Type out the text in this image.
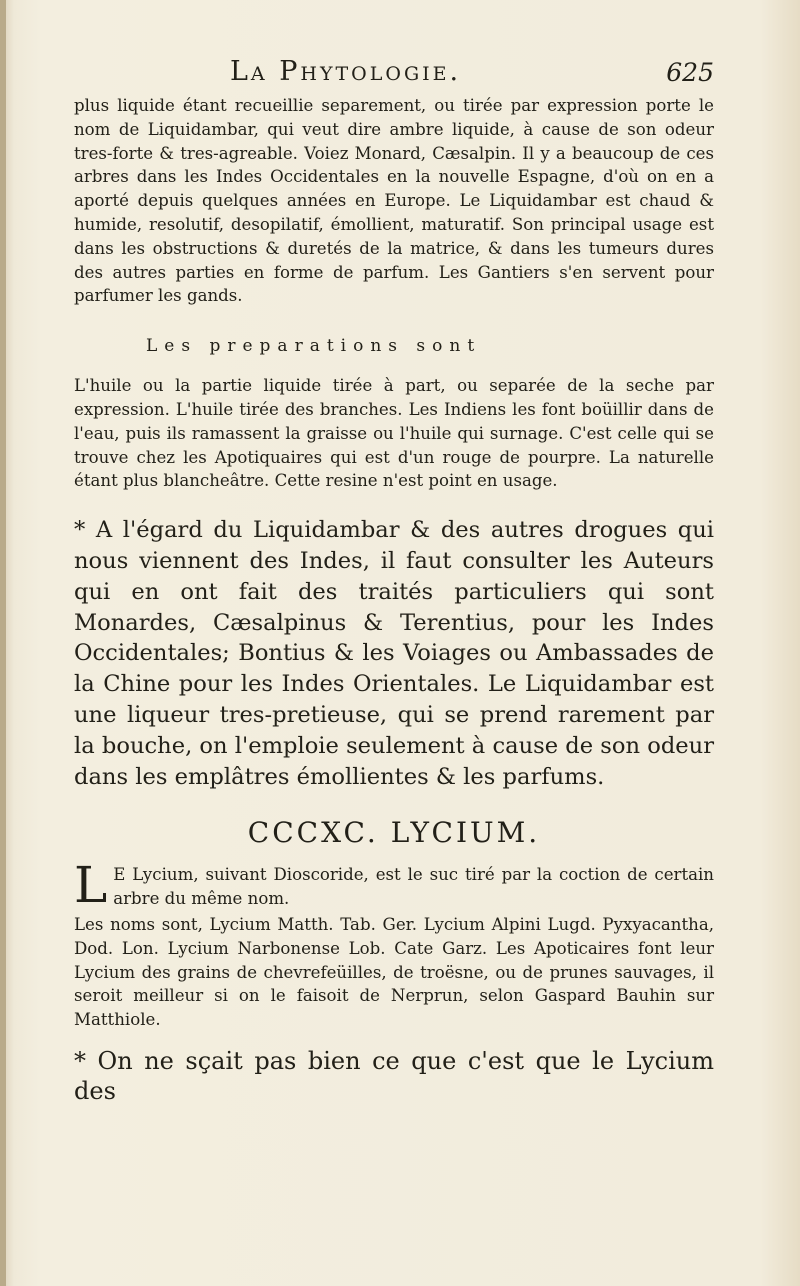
La Phytologie.	625

plus liquide étant recueillie separement, ou tirée par expression porte le nom de Liquidambar, qui veut dire ambre liquide, à cause de son odeur tres-forte & tres-agreable. Voiez Monard, Cæsalpin. Il y a beaucoup de ces arbres dans les Indes Occidentales en la nouvelle Espagne, d'où on en a aporté depuis quelques années en Europe. Le Liquidambar est chaud & humide, resolutif, desopilatif, émollient, maturatif. Son principal usage est dans les obstructions & duretés de la matrice, & dans les tumeurs dures des autres parties en forme de parfum. Les Gantiers s'en servent pour parfumer les gands.

Les preparations sont

L'huile ou la partie liquide tirée à part, ou separée de la seche par expression. L'huile tirée des branches. Les Indiens les font boüillir dans de l'eau, puis ils ramassent la graisse ou l'huile qui surnage. C'est celle qui se trouve chez les Apotiquaires qui est d'un rouge de pourpre. La naturelle étant plus blancheâtre. Cette resine n'est point en usage.

* A l'égard du Liquidambar & des autres drogues qui nous viennent des Indes, il faut consulter les Auteurs qui en ont fait des traités particuliers qui sont Monardes, Cæsalpinus & Terentius, pour les Indes Occidentales; Bontius & les Voiages ou Ambassades de la Chine pour les Indes Orientales. Le Liquidambar est une liqueur tres-pretieuse, qui se prend rarement par la bouche, on l'emploie seulement à cause de son odeur dans les emplâtres émollientes & les parfums.

CCCXC. LYCIUM.

L E Lycium, suivant Dioscoride, est le suc tiré par la coction de certain arbre du même nom.

Les noms sont, Lycium Matth. Tab. Ger. Lycium Alpini Lugd. Pyxyacantha, Dod. Lon. Lycium Narbonense Lob. Cate Garz. Les Apoticaires font leur Lycium des grains de chevrefeüilles, de troësne, ou de prunes sauvages, il seroit meilleur si on le faisoit de Nerprun, selon Gaspard Bauhin sur Matthiole.

* On ne sçait pas bien ce que c'est que le Lycium des
